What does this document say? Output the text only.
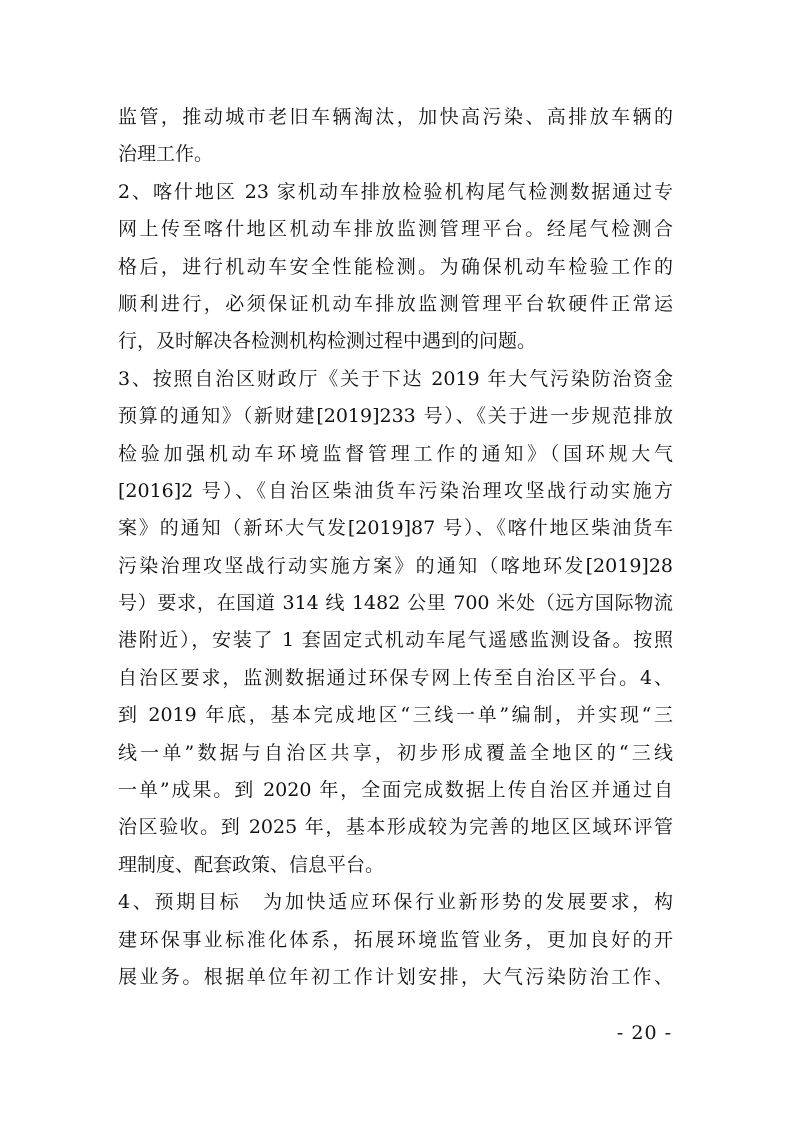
监管，推动城市老旧车辆淘汰，加快高污染、高排放车辆的
治理工作。
2、喀什地区 23 家机动车排放检验机构尾气检测数据通过专
网上传至喀什地区机动车排放监测管理平台。经尾气检测合
格后，进行机动车安全性能检测。为确保机动车检验工作的
顺利进行，必须保证机动车排放监测管理平台软硬件正常运
行，及时解决各检测机构检测过程中遇到的问题。
3、按照自治区财政厅《关于下达 2019 年大气污染防治资金
预算的通知》（新财建[2019]233 号）、《关于进一步规范排放
检验加强机动车环境监督管理工作的通知》（国环规大气
[2016]2 号）、《自治区柴油货车污染治理攻坚战行动实施方
案》的通知（新环大气发[2019]87 号）、《喀什地区柴油货车
污染治理攻坚战行动实施方案》的通知（喀地环发[2019]28
号）要求，在国道 314 线 1482 公里 700 米处（远方国际物流
港附近），安装了 1 套固定式机动车尾气遥感监测设备。按照
自治区要求，监测数据通过环保专网上传至自治区平台。4、
到 2019 年底，基本完成地区“三线一单”编制，并实现“三
线一单”数据与自治区共享，初步形成覆盖全地区的“三线
一单”成果。到 2020 年，全面完成数据上传自治区并通过自
治区验收。到 2025 年，基本形成较为完善的地区区域环评管
理制度、配套政策、信息平台。
4、预期目标　为加快适应环保行业新形势的发展要求，构
建环保事业标准化体系，拓展环境监管业务，更加良好的开
展业务。根据单位年初工作计划安排，大气污染防治工作、
- 20 -
